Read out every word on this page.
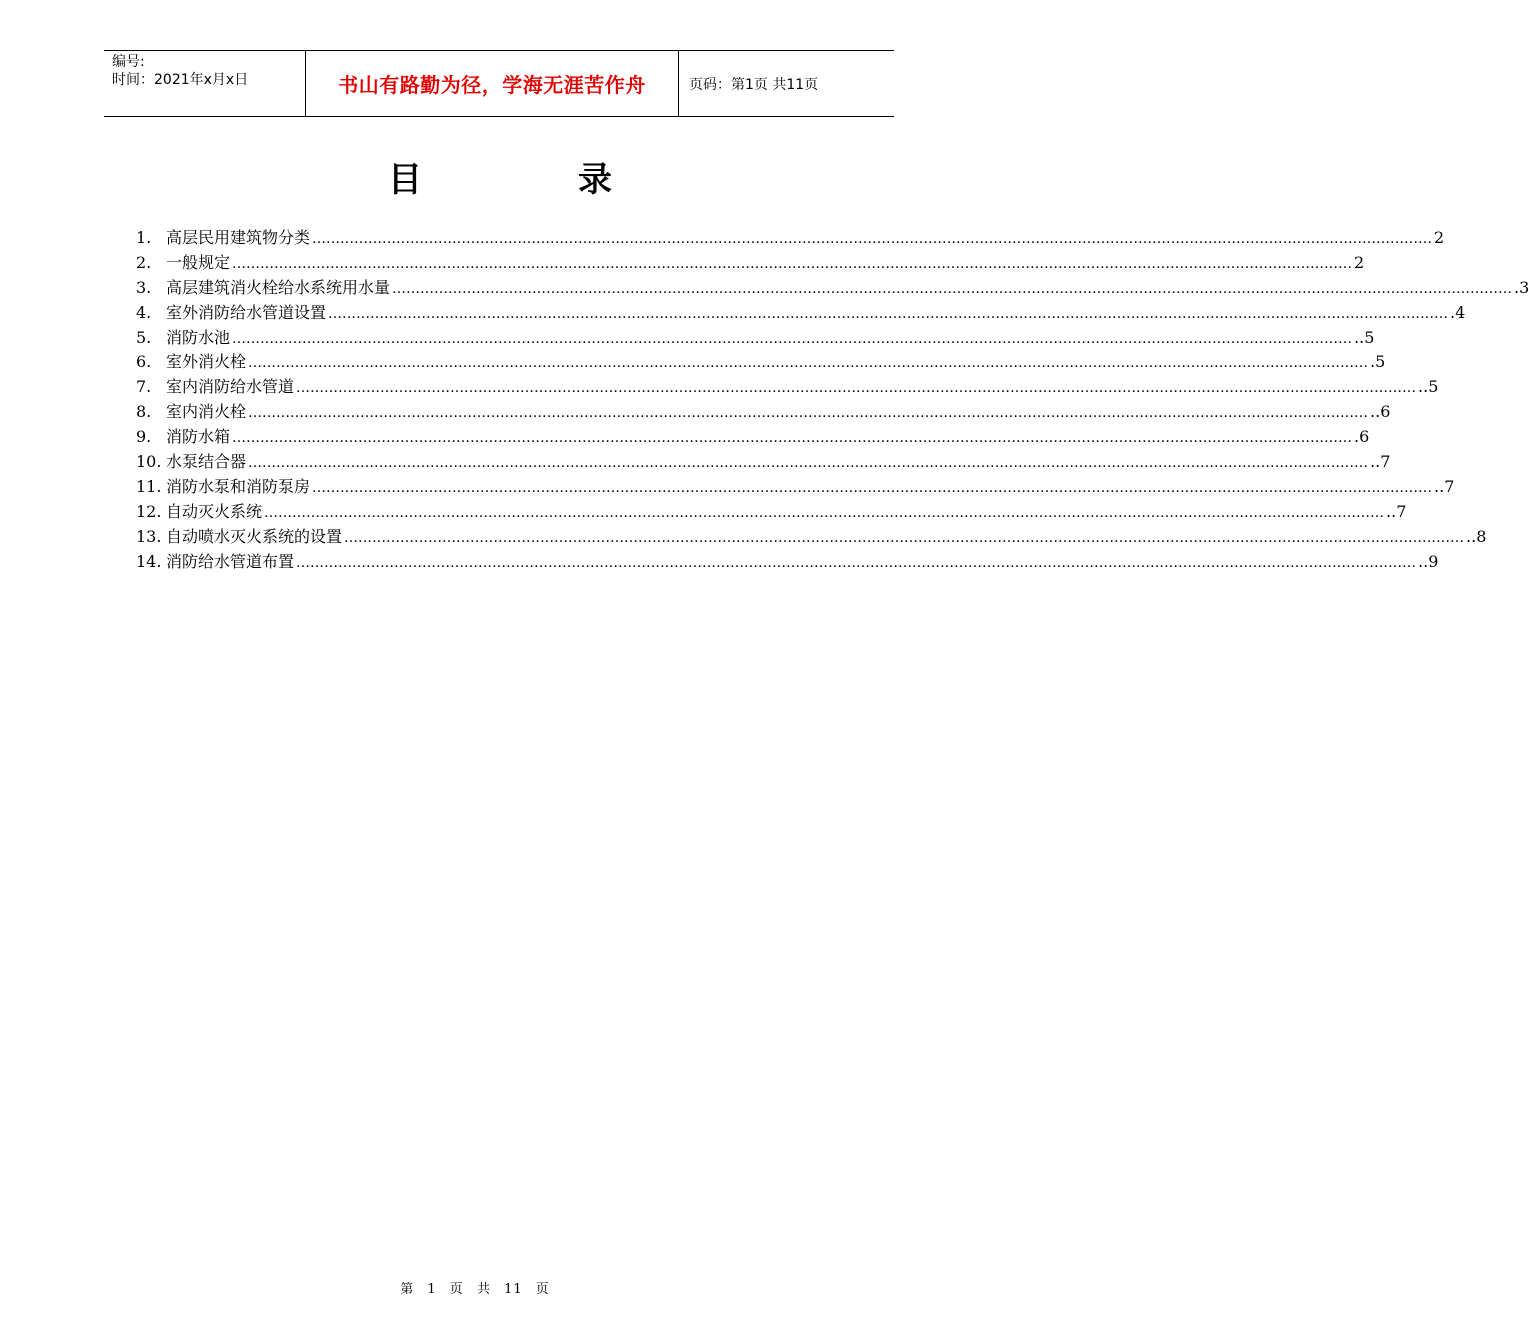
编号:
时间：2021年x月x日	书山有路勤为径，学海无涯苦作舟	页码：第1页 共11页
目	录
1. 高层民用建筑物分类 …………………………………………………………………………………………………………………………………………………………………………………………………………………… 2
2. 一般规定 …………………………………………………………………………………………………………………………………………………………………………………………………………………… 2
3. 高层建筑消火栓给水系统用水量 …………………………………………………………………………………………………………………………………………………………………………………………………………………… .3
4. 室外消防给水管道设置 …………………………………………………………………………………………………………………………………………………………………………………………………………………… .4
5. 消防水池 …………………………………………………………………………………………………………………………………………………………………………………………………………………… ..5
6. 室外消火栓 …………………………………………………………………………………………………………………………………………………………………………………………………………………… .5
7. 室内消防给水管道 …………………………………………………………………………………………………………………………………………………………………………………………………………………… ..5
8. 室内消火栓 …………………………………………………………………………………………………………………………………………………………………………………………………………………… ..6
9. 消防水箱 …………………………………………………………………………………………………………………………………………………………………………………………………………………… .6
10. 水泵结合器 …………………………………………………………………………………………………………………………………………………………………………………………………………………… ..7
11. 消防水泵和消防泵房 …………………………………………………………………………………………………………………………………………………………………………………………………………………… ..7
12. 自动灭火系统 …………………………………………………………………………………………………………………………………………………………………………………………………………………… ..7
13. 自动喷水灭火系统的设置 …………………………………………………………………………………………………………………………………………………………………………………………………………………… ..8
14. 消防给水管道布置 …………………………………………………………………………………………………………………………………………………………………………………………………………………… ..9
第 1 页 共 11 页
